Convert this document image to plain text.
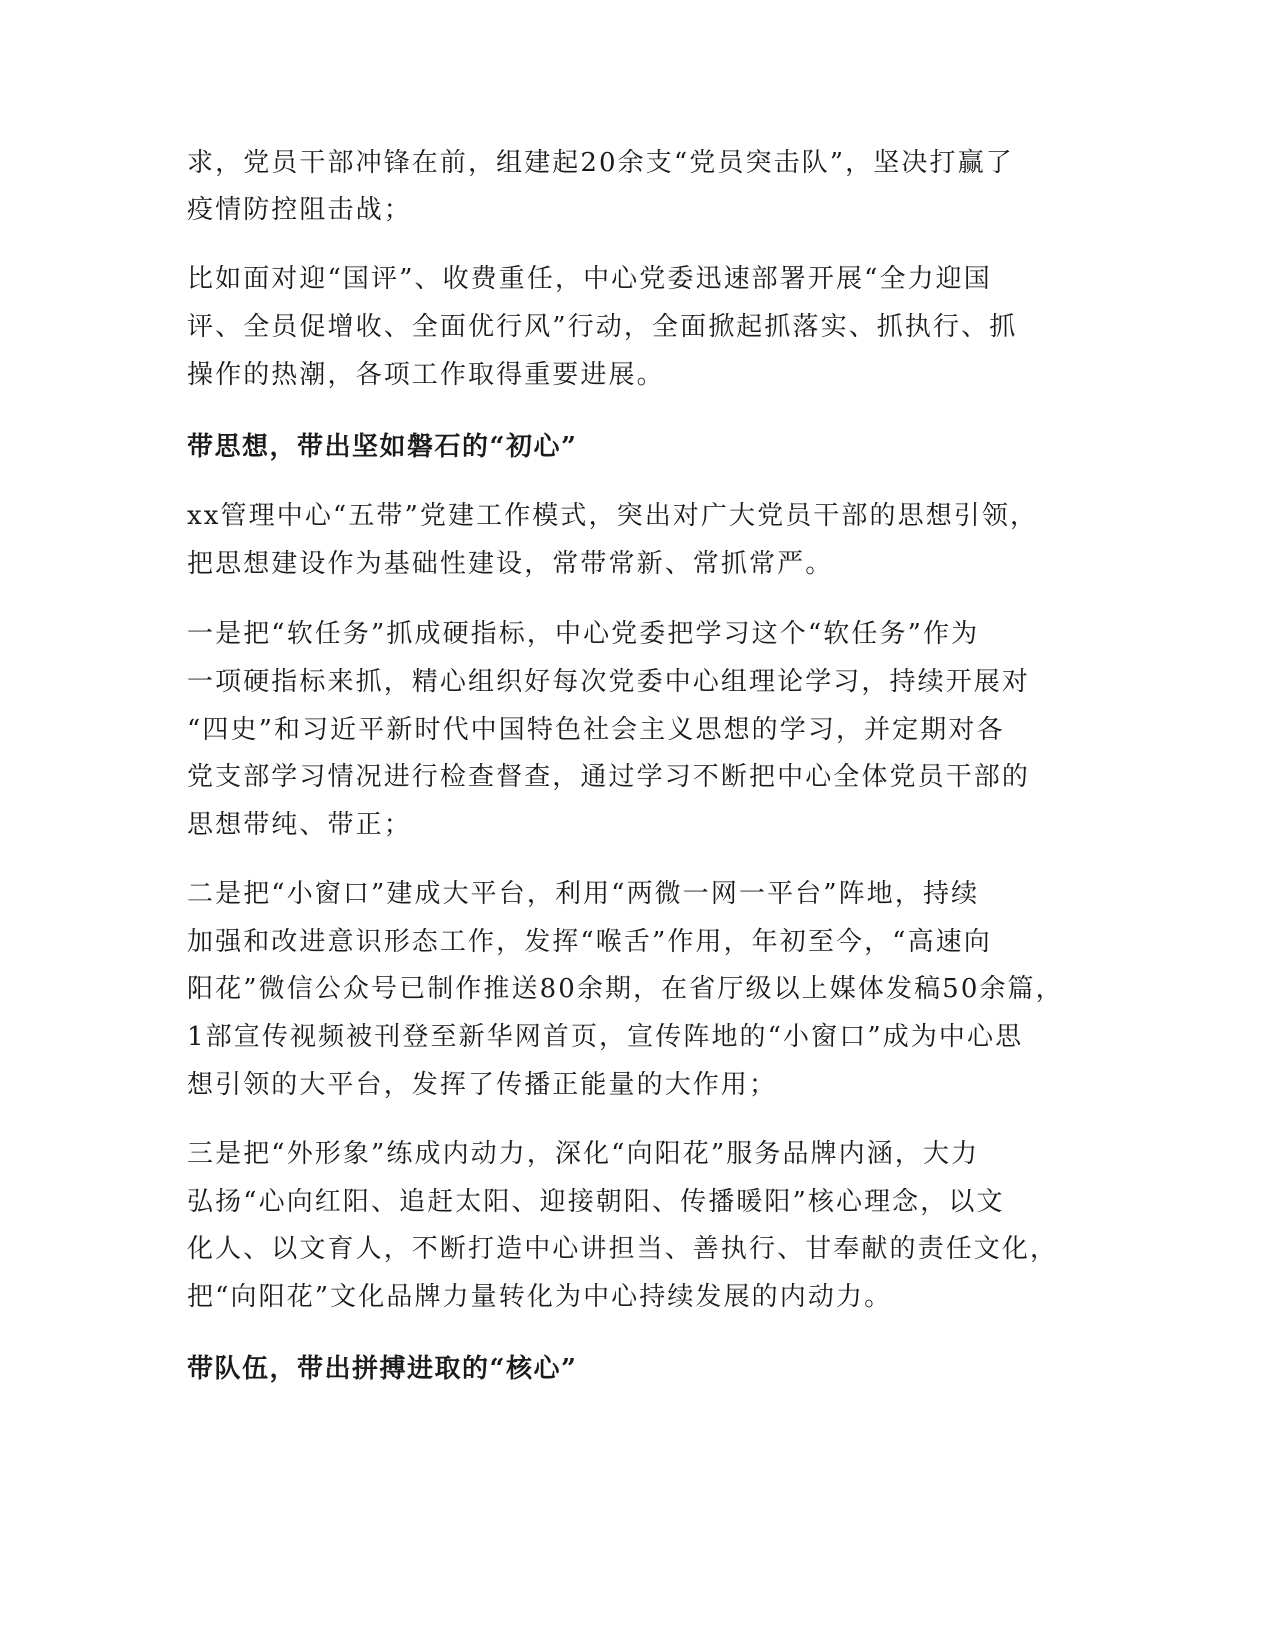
求，党员干部冲锋在前，组建起20余支“党员突击队”，坚决打赢了
疫情防控阻击战；
比如面对迎“国评”、收费重任，中心党委迅速部署开展“全力迎国
评、全员促增收、全面优行风”行动，全面掀起抓落实、抓执行、抓
操作的热潮，各项工作取得重要进展。
带思想，带出坚如磐石的“初心”
xx管理中心“五带”党建工作模式，突出对广大党员干部的思想引领，
把思想建设作为基础性建设，常带常新、常抓常严。
一是把“软任务”抓成硬指标，中心党委把学习这个“软任务”作为
一项硬指标来抓，精心组织好每次党委中心组理论学习，持续开展对
“四史”和习近平新时代中国特色社会主义思想的学习，并定期对各
党支部学习情况进行检查督查，通过学习不断把中心全体党员干部的
思想带纯、带正；
二是把“小窗口”建成大平台，利用“两微一网一平台”阵地，持续
加强和改进意识形态工作，发挥“喉舌”作用，年初至今，“高速向
阳花”微信公众号已制作推送80余期，在省厅级以上媒体发稿50余篇，
1部宣传视频被刊登至新华网首页，宣传阵地的“小窗口”成为中心思
想引领的大平台，发挥了传播正能量的大作用；
三是把“外形象”练成内动力，深化“向阳花”服务品牌内涵，大力
弘扬“心向红阳、追赶太阳、迎接朝阳、传播暖阳”核心理念，以文
化人、以文育人，不断打造中心讲担当、善执行、甘奉献的责任文化，
把“向阳花”文化品牌力量转化为中心持续发展的内动力。
带队伍，带出拼搏进取的“核心”
